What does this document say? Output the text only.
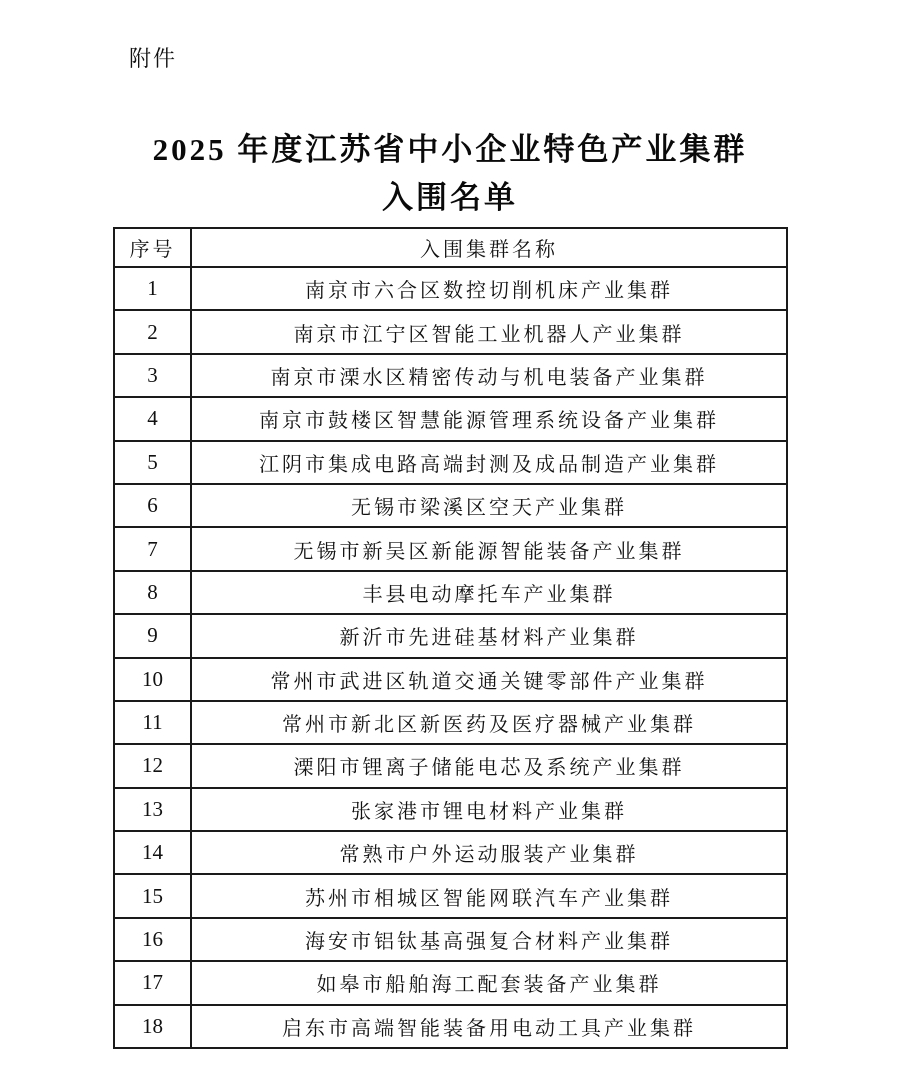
附件
2025 年度江苏省中小企业特色产业集群
入围名单
序号	入围集群名称
1	南京市六合区数控切削机床产业集群
2	南京市江宁区智能工业机器人产业集群
3	南京市溧水区精密传动与机电装备产业集群
4	南京市鼓楼区智慧能源管理系统设备产业集群
5	江阴市集成电路高端封测及成品制造产业集群
6	无锡市梁溪区空天产业集群
7	无锡市新吴区新能源智能装备产业集群
8	丰县电动摩托车产业集群
9	新沂市先进硅基材料产业集群
10	常州市武进区轨道交通关键零部件产业集群
11	常州市新北区新医药及医疗器械产业集群
12	溧阳市锂离子储能电芯及系统产业集群
13	张家港市锂电材料产业集群
14	常熟市户外运动服装产业集群
15	苏州市相城区智能网联汽车产业集群
16	海安市铝钛基高强复合材料产业集群
17	如皋市船舶海工配套装备产业集群
18	启东市高端智能装备用电动工具产业集群
